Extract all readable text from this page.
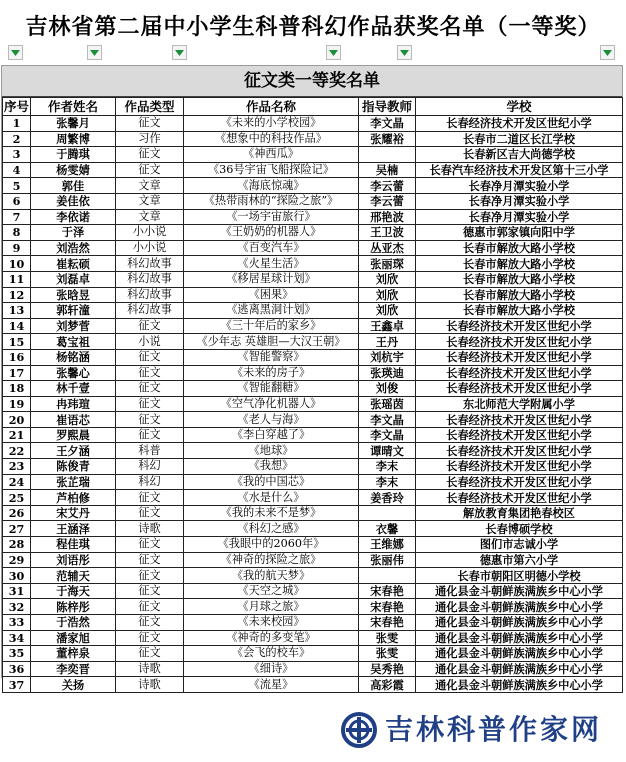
吉林省第二届中小学生科普科幻作品获奖名单（一等奖）
征文类一等奖名单
序号	作者姓名	作品类型	作品名称	指导教师	学校
1	张馨月	征文	《未来的小学校园》	李文晶	长春经济技术开发区世纪小学
2	周繁博	习作	《想象中的科技作品》	张耀裕	长春市二道区长江学校
3	于腾琪	征文	《神西瓜》		长春新区吉大尚德学校
4	杨雯婧	征文	《36号宇宙飞船探险记》	吴楠	长春汽车经济技术开发区第十三小学
5	郭佳	文章	《海底惊魂》	李云蕾	长春净月潭实验小学
6	姜佳依	文章	《热带雨林的“探险之旅”》	李云蕾	长春净月潭实验小学
7	李依诺	文章	《一场宇宙旅行》	邢艳波	长春净月潭实验小学
8	于泽	小小说	《王奶奶的机器人》	王卫波	德惠市郭家镇向阳中学
9	刘浩然	小小说	《百变汽车》	丛亚杰	长春市解放大路小学校
10	崔耘硕	科幻故事	《火星生活》	张丽琛	长春市解放大路小学校
11	刘磊卓	科幻故事	《移居星球计划》	刘欣	长春市解放大路小学校
12	张晗昱	科幻故事	《困果》	刘欣	长春市解放大路小学校
13	郭轩潼	科幻故事	《逃离黑洞计划》	刘欣	长春市解放大路小学校
14	刘梦菅	征文	《三十年后的家乡》	王鑫卓	长春经济技术开发区世纪小学
15	葛宝祖	小说	《少年志 英雄胆—大汉王朝》	王丹	长春经济技术开发区世纪小学
16	杨铭涵	征文	《智能警察》	刘杭宇	长春经济技术开发区世纪小学
17	张馨心	征文	《未来的房子》	张瑛迪	长春经济技术开发区世纪小学
18	林千壹	征文	《智能翻糖》	刘俊	长春经济技术开发区世纪小学
19	冉玮瑄	征文	《空气净化机器人》	张瑶茵	东北师范大学附属小学
20	崔语芯	征文	《老人与海》	李文晶	长春经济技术开发区世纪小学
21	罗熙晨	征文	《李白穿越了》	李文晶	长春经济技术开发区世纪小学
22	王夕涵	科普	《地球》	谭晴文	长春经济技术开发区世纪小学
23	陈俊青	科幻	《我想》	李末	长春经济技术开发区世纪小学
24	张芷瑞	科幻	《我的中国芯》	李末	长春经济技术开发区世纪小学
25	芦柏修	征文	《水是什么》	姜香玲	长春经济技术开发区世纪小学
26	宋艾丹	征文	《我的未来不是梦》		解放教育集团艳春校区
27	王涵泽	诗歌	《科幻之感》	衣馨	长春博硕学校
28	程佳琪	征文	《我眼中的2060年》	王维娜	图们市志诚小学
29	刘语彤	征文	《神奇的探险之旅》	张丽伟	德惠市第六小学
30	范辅天	征文	《我的航天梦》		长春市朝阳区明德小学校
31	于海天	征文	《天空之城》	宋春艳	通化县金斗朝鲜族满族乡中心小学
32	陈梓彤	征文	《月球之旅》	宋春艳	通化县金斗朝鲜族满族乡中心小学
33	于浩然	征文	《未来校园》	宋春艳	通化县金斗朝鲜族满族乡中心小学
34	潘家旭	征文	《神奇的多变笔》	张雯	通化县金斗朝鲜族满族乡中心小学
35	董梓泉	征文	《会飞的校车》	张雯	通化县金斗朝鲜族满族乡中心小学
36	李奕晋	诗歌	《细诗》	吴秀艳	通化县金斗朝鲜族满族乡中心小学
37	关扬	诗歌	《流星》	高彩霞	通化县金斗朝鲜族满族乡中心小学
吉林科普作家网
